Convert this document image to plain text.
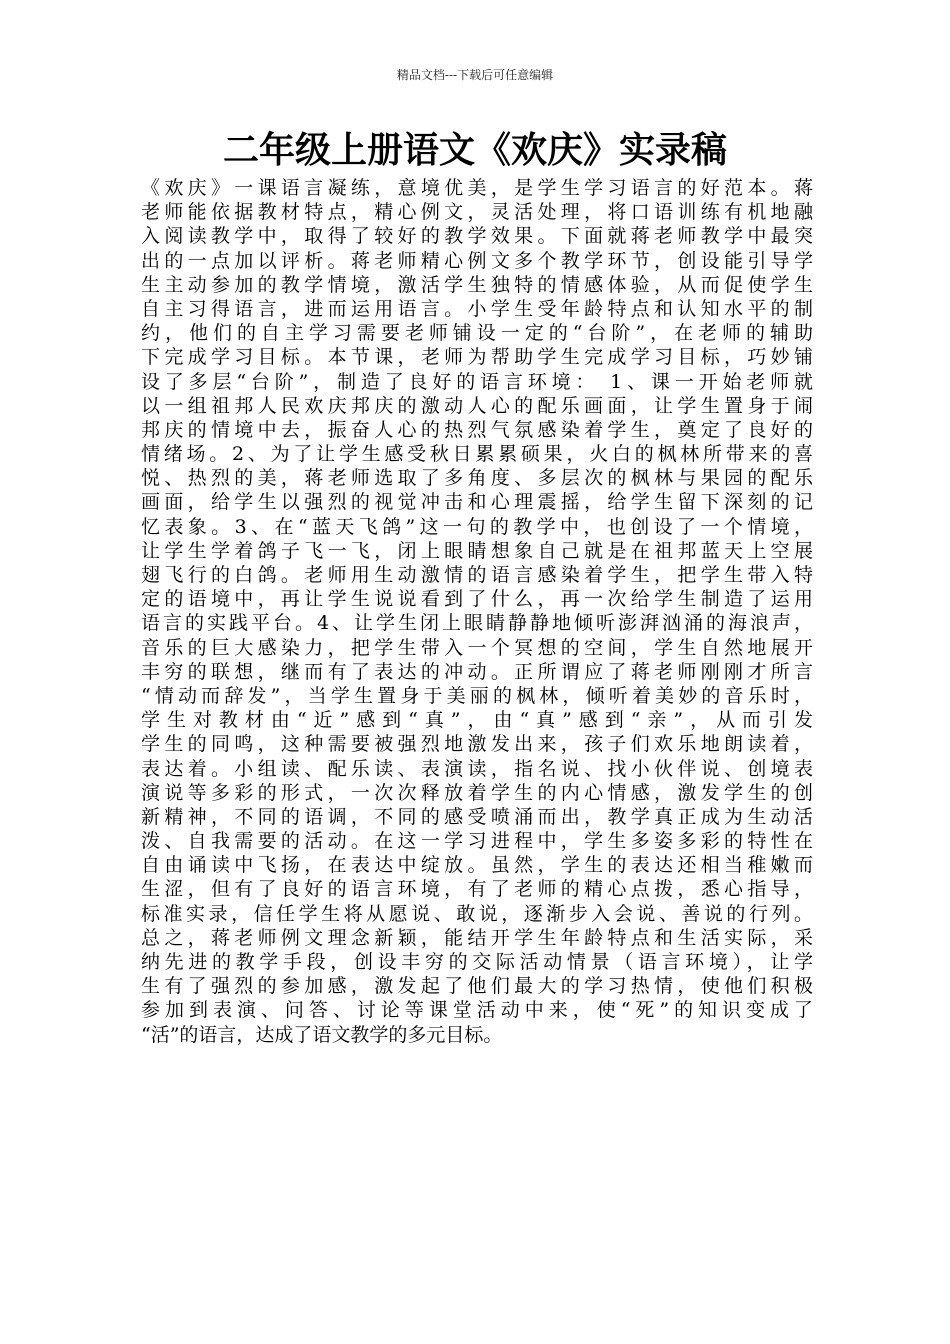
精品文档---下载后可任意编辑
二年级上册语文《欢庆》实录稿
《欢庆》一课语言凝练，意境优美，是学生学习语言的好范本。蒋
老师能依据教材特点，精心例文，灵活处理，将口语训练有机地融
入阅读教学中，取得了较好的教学效果。下面就蒋老师教学中最突
出的一点加以评析。蒋老师精心例文多个教学环节，创设能引导学
生主动参加的教学情境，激活学生独特的情感体验，从而促使学生
自主习得语言，进而运用语言。小学生受年龄特点和认知水平的制
约，他们的自主学习需要老师铺设一定的“台阶”，在老师的辅助
下完成学习目标。本节课，老师为帮助学生完成学习目标，巧妙铺
设了多层“台阶”，制造了良好的语言环境： 1、课一开始老师就
以一组祖邦人民欢庆邦庆的激动人心的配乐画面，让学生置身于闹
邦庆的情境中去，振奋人心的热烈气氛感染着学生，奠定了良好的
情绪场。2、为了让学生感受秋日累累硕果，火白的枫林所带来的喜
悦、热烈的美，蒋老师选取了多角度、多层次的枫林与果园的配乐
画面，给学生以强烈的视觉冲击和心理震摇，给学生留下深刻的记
忆表象。3、在“蓝天飞鸽”这一句的教学中，也创设了一个情境，
让学生学着鸽子飞一飞，闭上眼睛想象自己就是在祖邦蓝天上空展
翅飞行的白鸽。老师用生动激情的语言感染着学生，把学生带入特
定的语境中，再让学生说说看到了什么，再一次给学生制造了运用
语言的实践平台。4、让学生闭上眼睛静静地倾听澎湃汹涌的海浪声，
音乐的巨大感染力，把学生带入一个冥想的空间，学生自然地展开
丰穷的联想，继而有了表达的冲动。正所谓应了蒋老师刚刚才所言
“情动而辞发”，当学生置身于美丽的枫林，倾听着美妙的音乐时，
学生对教材由“近”感到“真”，由“真”感到“亲”，从而引发
学生的同鸣，这种需要被强烈地激发出来，孩子们欢乐地朗读着，
表达着。小组读、配乐读、表演读，指名说、找小伙伴说、创境表
演说等多彩的形式，一次次释放着学生的内心情感，激发学生的创
新精神，不同的语调，不同的感受喷涌而出，教学真正成为生动活
泼、自我需要的活动。在这一学习进程中，学生多姿多彩的特性在
自由诵读中飞扬，在表达中绽放。虽然，学生的表达还相当稚嫩而
生涩，但有了良好的语言环境，有了老师的精心点拨，悉心指导，
标准实录，信任学生将从愿说、敢说，逐渐步入会说、善说的行列。
总之，蒋老师例文理念新颖，能结开学生年龄特点和生活实际，采
纳先进的教学手段，创设丰穷的交际活动情景（语言环境），让学
生有了强烈的参加感，激发起了他们最大的学习热情，使他们积极
参加到表演、问答、讨论等课堂活动中来，使“死”的知识变成了
“活”的语言，达成了语文教学的多元目标。
